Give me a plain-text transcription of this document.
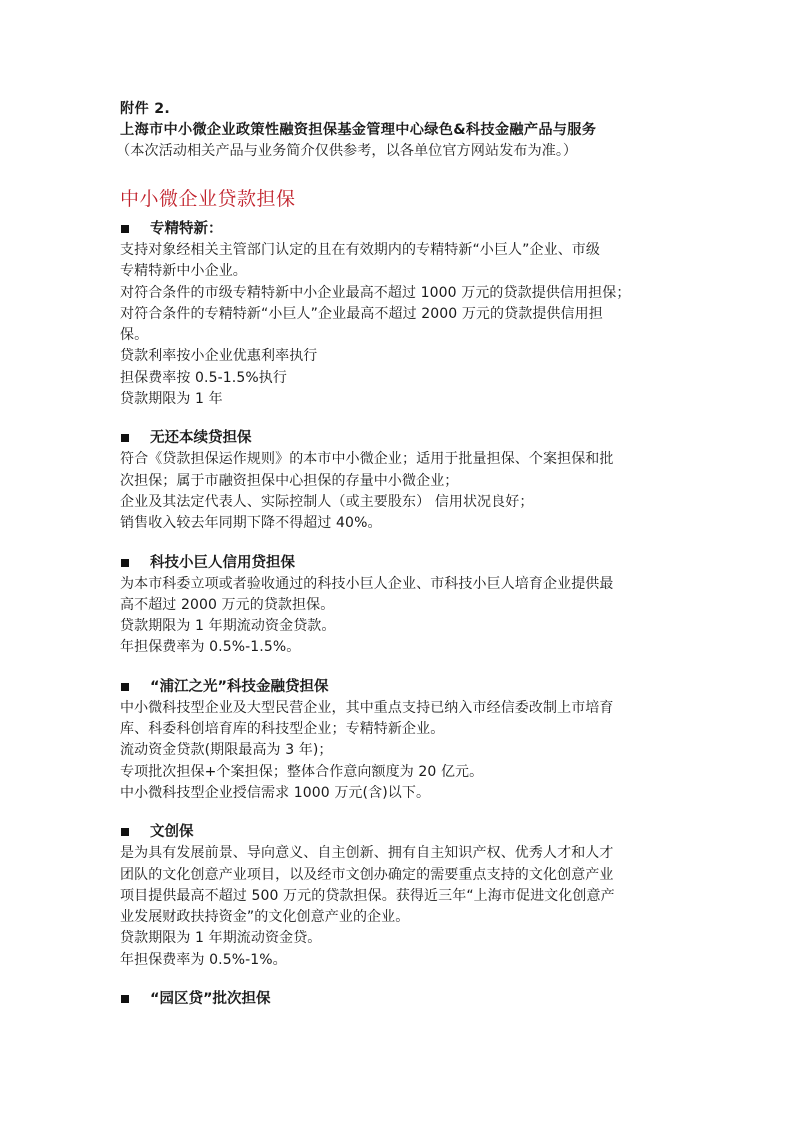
附件 2.
上海市中小微企业政策性融资担保基金管理中心绿色&科技金融产品与服务
（本次活动相关产品与业务简介仅供参考，以各单位官方网站发布为准。）
中小微企业贷款担保
专精特新：
支持对象经相关主管部门认定的且在有效期内的专精特新“小巨人”企业、市级
专精特新中小企业。
对符合条件的市级专精特新中小企业最高不超过 1000 万元的贷款提供信用担保；
对符合条件的专精特新“小巨人”企业最高不超过 2000 万元的贷款提供信用担
保。
贷款利率按小企业优惠利率执行
担保费率按 0.5-1.5%执行
贷款期限为 1 年
无还本续贷担保
符合《贷款担保运作规则》的本市中小微企业；适用于批量担保、个案担保和批
次担保；属于市融资担保中心担保的存量中小微企业；
企业及其法定代表人、实际控制人（或主要股东） 信用状况良好；
销售收入较去年同期下降不得超过 40%。
科技小巨人信用贷担保
为本市科委立项或者验收通过的科技小巨人企业、市科技小巨人培育企业提供最
高不超过 2000 万元的贷款担保。
贷款期限为 1 年期流动资金贷款。
年担保费率为 0.5%-1.5%。
“浦江之光”科技金融贷担保
中小微科技型企业及大型民营企业，其中重点支持已纳入市经信委改制上市培育
库、科委科创培育库的科技型企业；专精特新企业。
流动资金贷款(期限最高为 3 年)；
专项批次担保+个案担保；整体合作意向额度为 20 亿元。
中小微科技型企业授信需求 1000 万元(含)以下。
文创保
是为具有发展前景、导向意义、自主创新、拥有自主知识产权、优秀人才和人才
团队的文化创意产业项目，以及经市文创办确定的需要重点支持的文化创意产业
项目提供最高不超过 500 万元的贷款担保。获得近三年“上海市促进文化创意产
业发展财政扶持资金”的文化创意产业的企业。
贷款期限为 1 年期流动资金贷。
年担保费率为 0.5%-1%。
“园区贷”批次担保
